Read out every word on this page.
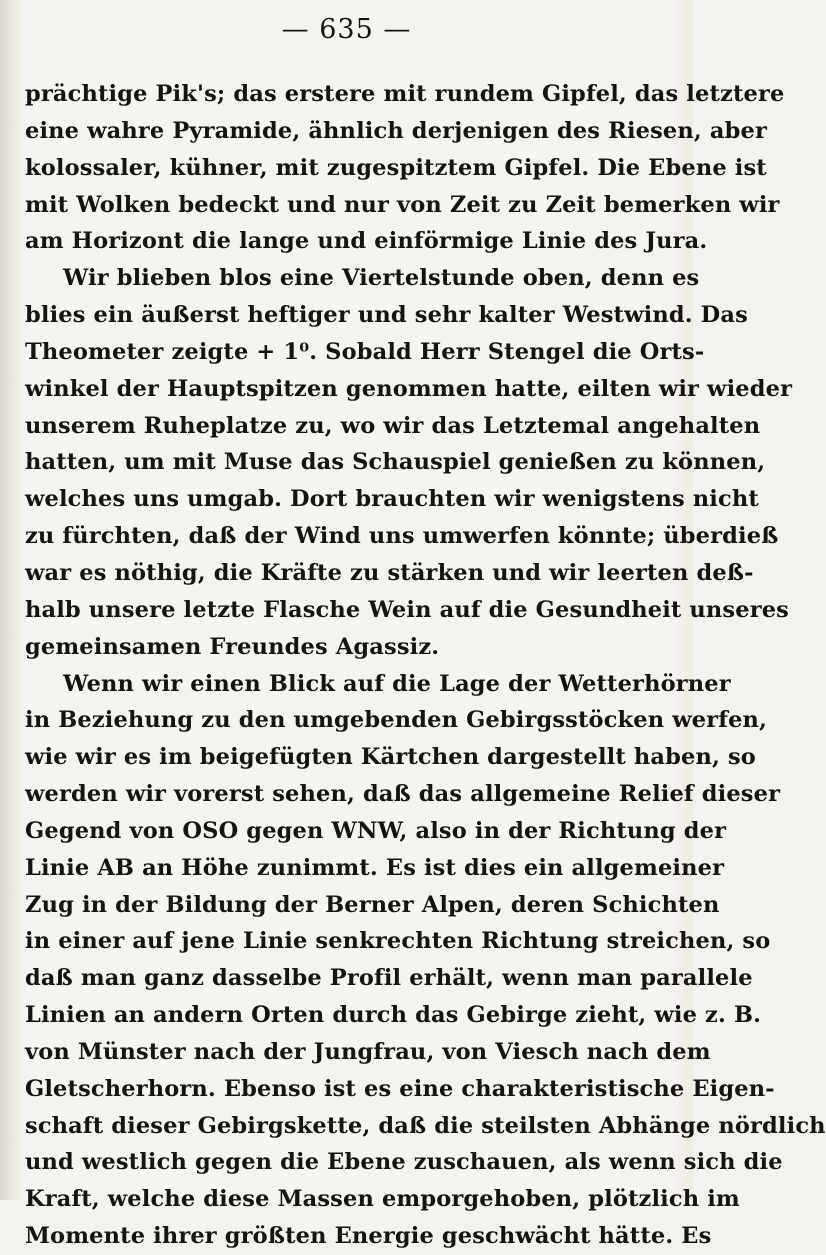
— 635 —
prächtige Pik's; das erstere mit rundem Gipfel, das letztere
eine wahre Pyramide, ähnlich derjenigen des Riesen, aber
kolossaler, kühner, mit zugespitztem Gipfel. Die Ebene ist
mit Wolken bedeckt und nur von Zeit zu Zeit bemerken wir
am Horizont die lange und einförmige Linie des Jura.
Wir blieben blos eine Viertelstunde oben, denn es
blies ein äußerst heftiger und sehr kalter Westwind. Das
Theometer zeigte + 1⁰. Sobald Herr Stengel die Orts-
winkel der Hauptspitzen genommen hatte, eilten wir wieder
unserem Ruheplatze zu, wo wir das Letztemal angehalten
hatten, um mit Muse das Schauspiel genießen zu können,
welches uns umgab. Dort brauchten wir wenigstens nicht
zu fürchten, daß der Wind uns umwerfen könnte; überdieß
war es nöthig, die Kräfte zu stärken und wir leerten deß-
halb unsere letzte Flasche Wein auf die Gesundheit unseres
gemeinsamen Freundes Agassiz.
Wenn wir einen Blick auf die Lage der Wetterhörner
in Beziehung zu den umgebenden Gebirgsstöcken werfen,
wie wir es im beigefügten Kärtchen dargestellt haben, so
werden wir vorerst sehen, daß das allgemeine Relief dieser
Gegend von OSO gegen WNW, also in der Richtung der
Linie AB an Höhe zunimmt. Es ist dies ein allgemeiner
Zug in der Bildung der Berner Alpen, deren Schichten
in einer auf jene Linie senkrechten Richtung streichen, so
daß man ganz dasselbe Profil erhält, wenn man parallele
Linien an andern Orten durch das Gebirge zieht, wie z. B.
von Münster nach der Jungfrau, von Viesch nach dem
Gletscherhorn. Ebenso ist es eine charakteristische Eigen-
schaft dieser Gebirgskette, daß die steilsten Abhänge nördlich
und westlich gegen die Ebene zuschauen, als wenn sich die
Kraft, welche diese Massen emporgehoben, plötzlich im
Momente ihrer größten Energie geschwächt hätte. Es
